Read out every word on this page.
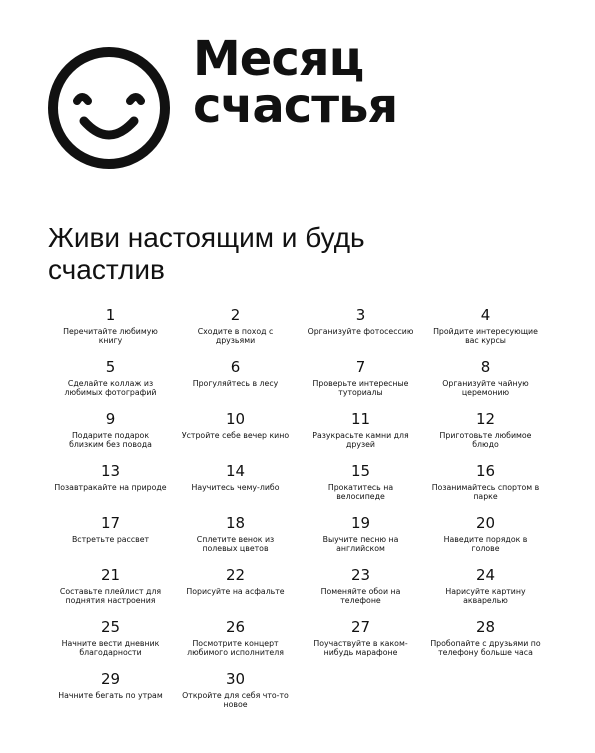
Месяц
счастья
Живи настоящим и будь
счастлив
1
Перечитайте любимую книгу
2
Сходите в поход с друзьями
3
Организуйте фотосессию
4
Пройдите интересующие вас курсы
5
Сделайте коллаж из любимых фотографий
6
Прогуляйтесь в лесу
7
Проверьте интересные туториалы
8
Организуйте чайную церемонию
9
Подарите подарок близким без повода
10
Устройте себе вечер кино
11
Разукрасьте камни для друзей
12
Приготовьте любимое блюдо
13
Позавтракайте на природе
14
Научитесь чему-либо
15
Прокатитесь на велосипеде
16
Позанимайтесь спортом в парке
17
Встретьте рассвет
18
Сплетите венок из полевых цветов
19
Выучите песню на английском
20
Наведите порядок в голове
21
Составьте плейлист для поднятия настроения
22
Порисуйте на асфальте
23
Поменяйте обои на телефоне
24
Нарисуйте картину акварелью
25
Начните вести дневник благодарности
26
Посмотрите концерт любимого исполнителя
27
Поучаствуйте в каком-нибудь марафоне
28
Пробопайте с друзьями по телефону больше часа
29
Начните бегать по утрам
30
Откройте для себя что-то новое
